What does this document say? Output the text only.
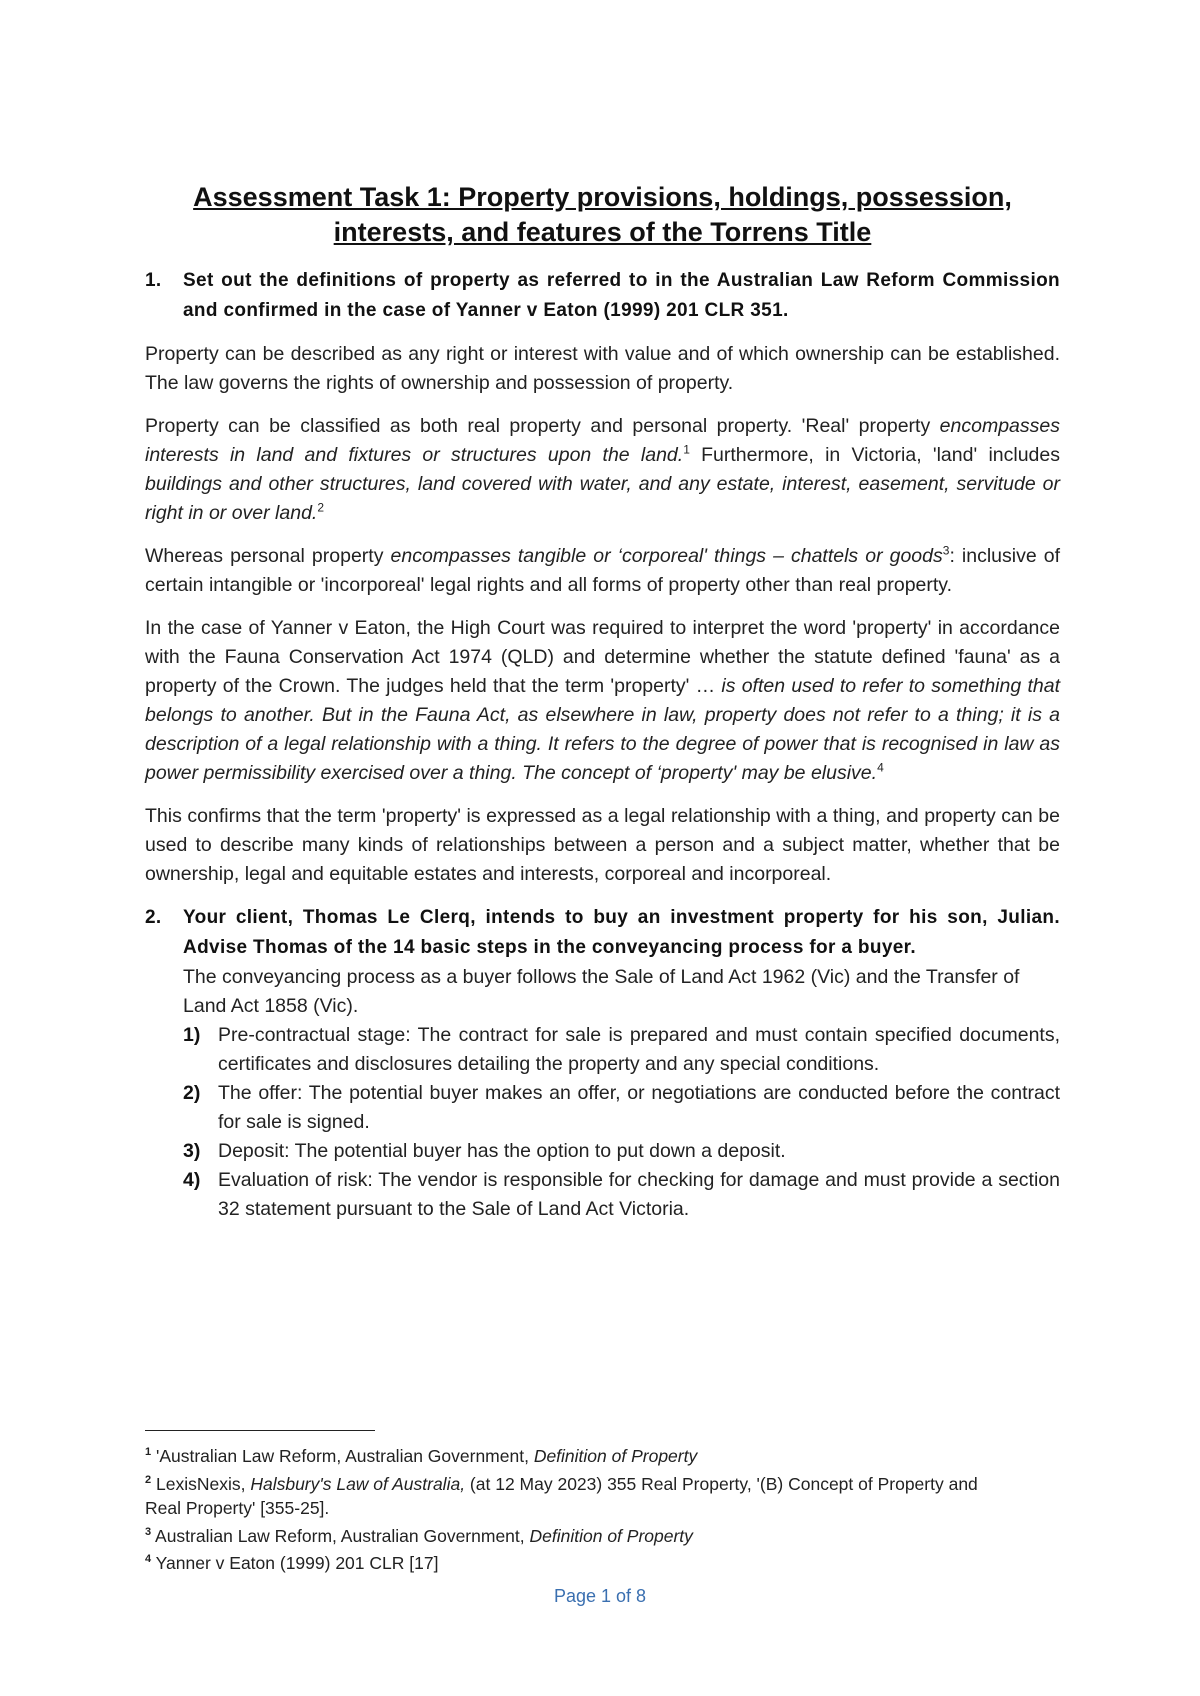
Assessment Task 1: Property provisions, holdings, possession,
interests, and features of the Torrens Title
1.	Set out the definitions of property as referred to in the Australian Law Reform Commission and confirmed in the case of Yanner v Eaton (1999) 201 CLR 351.

Property can be described as any right or interest with value and of which ownership can be established. The law governs the rights of ownership and possession of property.

Property can be classified as both real property and personal property. 'Real' property encompasses interests in land and fixtures or structures upon the land.$^1$ Furthermore, in Victoria, 'land' includes buildings and other structures, land covered with water, and any estate, interest, easement, servitude or right in or over land.$^2$

Whereas personal property encompasses tangible or ‘corporeal' things – chattels or goods$^3$: inclusive of certain intangible or 'incorporeal' legal rights and all forms of property other than real property.

In the case of Yanner v Eaton, the High Court was required to interpret the word 'property' in accordance with the Fauna Conservation Act 1974 (QLD) and determine whether the statute defined 'fauna' as a property of the Crown. The judges held that the term 'property' … is often used to refer to something that belongs to another. But in the Fauna Act, as elsewhere in law, property does not refer to a thing; it is a description of a legal relationship with a thing. It refers to the degree of power that is recognised in law as power permissibility exercised over a thing. The concept of ‘property' may be elusive.$^4$

This confirms that the term 'property' is expressed as a legal relationship with a thing, and property can be used to describe many kinds of relationships between a person and a subject matter, whether that be ownership, legal and equitable estates and interests, corporeal and incorporeal.

2.	Your client, Thomas Le Clerq, intends to buy an investment property for his son, Julian. Advise Thomas of the 14 basic steps in the conveyancing process for a buyer.

The conveyancing process as a buyer follows the Sale of Land Act 1962 (Vic) and the Transfer of Land Act 1858 (Vic).

1) Pre-contractual stage: The contract for sale is prepared and must contain specified documents, certificates and disclosures detailing the property and any special conditions.
2) The offer: The potential buyer makes an offer, or negotiations are conducted before the contract for sale is signed.
3) Deposit: The potential buyer has the option to put down a deposit.
4) Evaluation of risk: The vendor is responsible for checking for damage and must provide a section 32 statement pursuant to the Sale of Land Act Victoria.

$^1$ 'Australian Law Reform, Australian Government, Definition of Property

$^2$ LexisNexis, Halsbury's Law of Australia, (at 12 May 2023) 355 Real Property, '(B) Concept of Property and Real Property' [355-25].

$^3$ Australian Law Reform, Australian Government, Definition of Property

$^4$ Yanner v Eaton (1999) 201 CLR [17]

Page 1 of 8
